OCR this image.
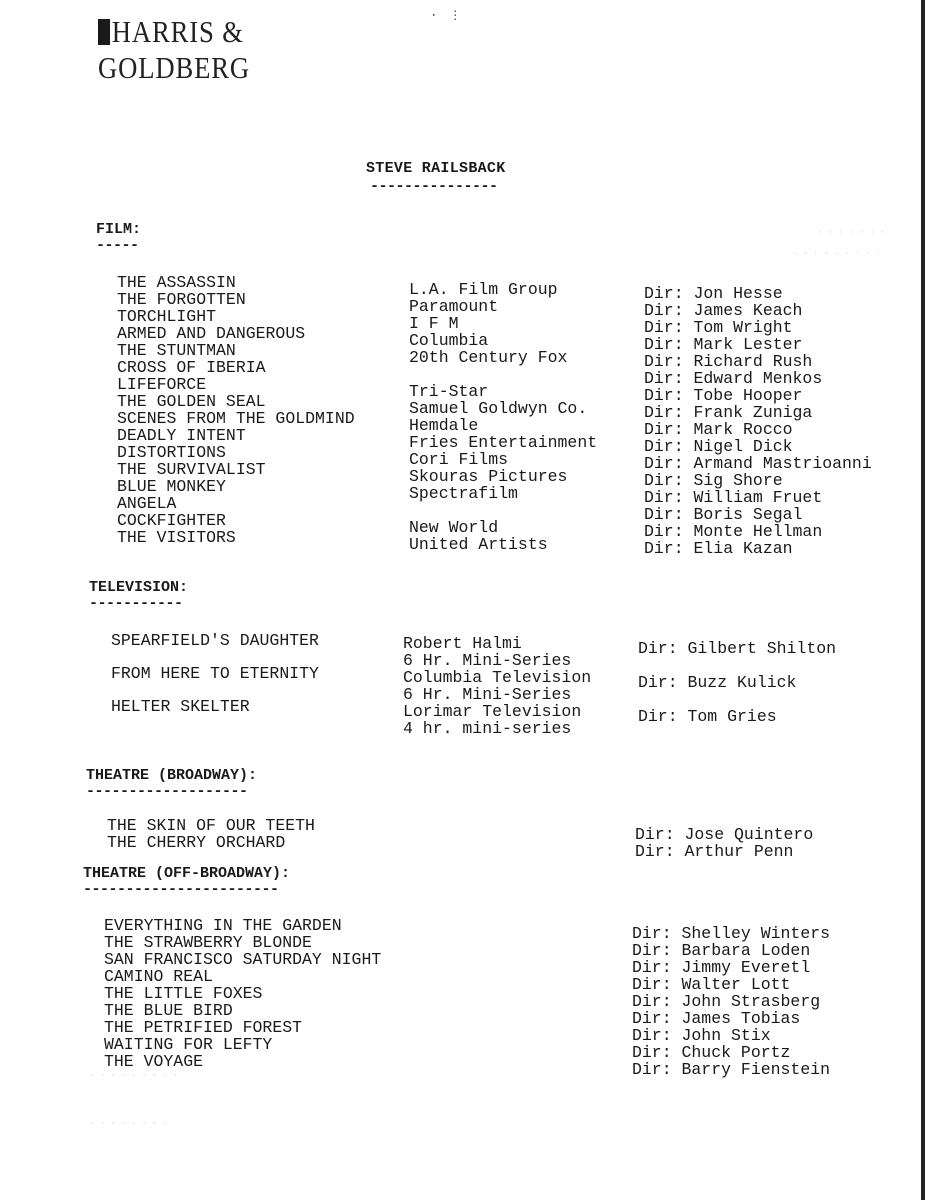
⋅  ⋮
HARRIS &
GOLDBERG
STEVE RAILSBACK
---------------
· · · · · · ·
· · · · · · · · ·
FILM:
-----
THE ASSASSIN
THE FORGOTTEN
TORCHLIGHT
ARMED AND DANGEROUS
THE STUNTMAN
CROSS OF IBERIA
LIFEFORCE
THE GOLDEN SEAL
SCENES FROM THE GOLDMIND
DEADLY INTENT
DISTORTIONS
THE SURVIVALIST
BLUE MONKEY
ANGELA
COCKFIGHTER
THE VISITORS
L.A. Film Group
Paramount
I F M
Columbia
20th Century Fox
Tri-Star
Samuel Goldwyn Co.
Hemdale
Fries Entertainment
Cori Films
Skouras Pictures
Spectrafilm
New World
United Artists
Dir: Jon Hesse
Dir: James Keach
Dir: Tom Wright
Dir: Mark Lester
Dir: Richard Rush
Dir: Edward Menkos
Dir: Tobe Hooper
Dir: Frank Zuniga
Dir: Mark Rocco
Dir: Nigel Dick
Dir: Armand Mastrioanni
Dir: Sig Shore
Dir: William Fruet
Dir: Boris Segal
Dir: Monte Hellman
Dir: Elia Kazan
TELEVISION:
-----------
SPEARFIELD'S DAUGHTER
FROM HERE TO ETERNITY
HELTER SKELTER
Robert Halmi
6 Hr. Mini-Series
Columbia Television
6 Hr. Mini-Series
Lorimar Television
4 hr. mini-series
Dir: Gilbert Shilton
Dir: Buzz Kulick
Dir: Tom Gries
THEATRE (BROADWAY):
-------------------
THE SKIN OF OUR TEETH
THE CHERRY ORCHARD	Dir: Jose Quintero
Dir: Arthur Penn
THEATRE (OFF-BROADWAY):
-----------------------
EVERYTHING IN THE GARDEN
THE STRAWBERRY BLONDE
SAN FRANCISCO SATURDAY NIGHT
CAMINO REAL
THE LITTLE FOXES
THE BLUE BIRD
THE PETRIFIED FOREST
WAITING FOR LEFTY
THE VOYAGE
Dir: Shelley Winters
Dir: Barbara Loden
Dir: Jimmy Everetl
Dir: Walter Lott
Dir: John Strasberg
Dir: James Tobias
Dir: John Stix
Dir: Chuck Portz
Dir: Barry Fienstein
· · · · · · · · ·
· · · · · · · ·
